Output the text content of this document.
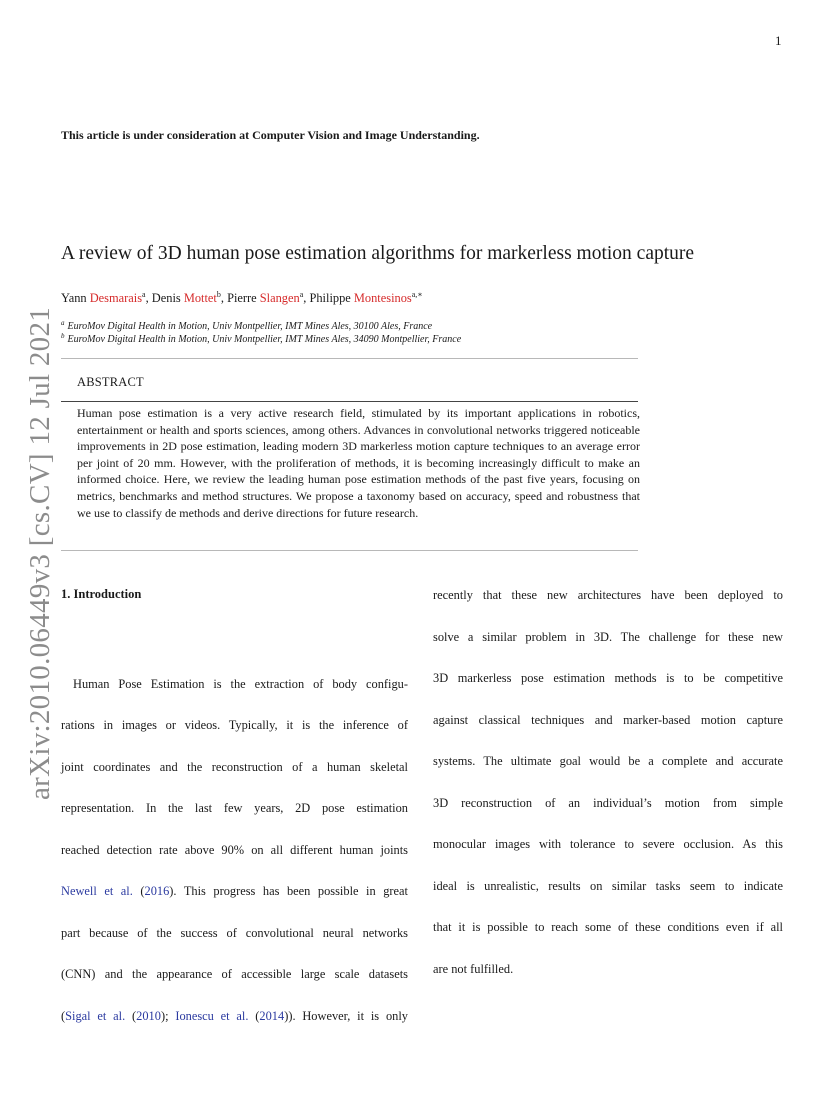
1
This article is under consideration at Computer Vision and Image Understanding.
A review of 3D human pose estimation algorithms for markerless motion capture
Yann Desmarais$^a$, Denis Mottet$^b$, Pierre Slangen$^a$, Philippe Montesinos$^{a,∗}$
$^a$ EuroMov Digital Health in Motion, Univ Montpellier, IMT Mines Ales, 30100 Ales, France
$^b$ EuroMov Digital Health in Motion, Univ Montpellier, IMT Mines Ales, 34090 Montpellier, France
ABSTRACT
Human pose estimation is a very active research field, stimulated by its important applications in robotics, entertainment or health and sports sciences, among others. Advances in convolutional networks triggered noticeable improvements in 2D pose estimation, leading modern 3D markerless motion capture techniques to an average error per joint of 20 mm. However, with the proliferation of methods, it is becoming increasingly difficult to make an informed choice. Here, we review the leading human pose estimation methods of the past five years, focusing on metrics, benchmarks and method structures. We propose a taxonomy based on accuracy, speed and robustness that we use to classify de methods and derive directions for future research.
arXiv:2010.06449v3 [cs.CV] 12 Jul 2021 1. Introduction
Human Pose Estimation is the extraction of body configu-
rations in images or videos. Typically, it is the inference of
joint coordinates and the reconstruction of a human skeletal
representation. In the last few years, 2D pose estimation
reached detection rate above 90% on all different human joints
Newell et al. (2016). This progress has been possible in great
part because of the success of convolutional neural networks
(CNN) and the appearance of accessible large scale datasets
(Sigal et al. (2010); Ionescu et al. (2014)). However, it is only
recently that these new architectures have been deployed to
solve a similar problem in 3D. The challenge for these new
3D markerless pose estimation methods is to be competitive
against classical techniques and marker-based motion capture
systems. The ultimate goal would be a complete and accurate
3D reconstruction of an individual’s motion from simple
monocular images with tolerance to severe occlusion. As this
ideal is unrealistic, results on similar tasks seem to indicate
that it is possible to reach some of these conditions even if all
are not fulfilled.
